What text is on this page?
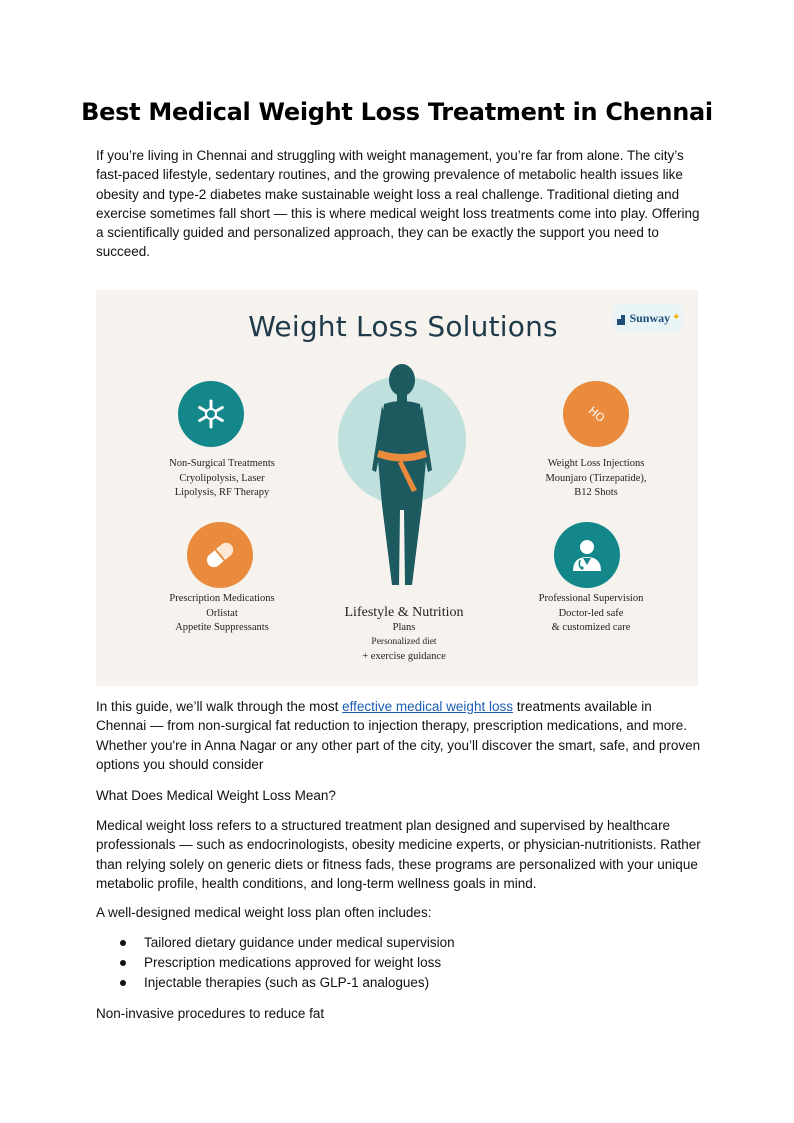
Best Medical Weight Loss Treatment in Chennai

If you’re living in Chennai and struggling with weight management, you’re far from alone. The city’s fast-paced lifestyle, sedentary routines, and the growing prevalence of metabolic health issues like obesity and type-2 diabetes make sustainable weight loss a real challenge. Traditional dieting and exercise sometimes fall short — this is where medical weight loss treatments come into play. Offering a scientifically guided and personalized approach, they can be exactly the support you need to succeed.

Weight Loss Solutions	Sunway ✦
Non-Surgical Treatments
Cryolipolysis, Laser
Lipolysis, RF Therapy
HO
Weight Loss Injections
Mounjaro (Tirzepatide),
B12 Shots
Prescription Medications
Orlistat
Appetite Suppressants
Lifestyle & Nutrition
Plans
Personalized diet
+ exercise guidance
Professional Supervision
Doctor-led safe
& customized care

In this guide, we’ll walk through the most effective medical weight loss treatments available in Chennai — from non-surgical fat reduction to injection therapy, prescription medications, and more. Whether you're in Anna Nagar or any other part of the city, you’ll discover the smart, safe, and proven options you should consider

What Does Medical Weight Loss Mean?

Medical weight loss refers to a structured treatment plan designed and supervised by healthcare professionals — such as endocrinologists, obesity medicine experts, or physician-nutritionists. Rather than relying solely on generic diets or fitness fads, these programs are personalized with your unique metabolic profile, health conditions, and long-term wellness goals in mind.

A well-designed medical weight loss plan often includes:

Tailored dietary guidance under medical supervision
Prescription medications approved for weight loss
Injectable therapies (such as GLP-1 analogues)

Non-invasive procedures to reduce fat
